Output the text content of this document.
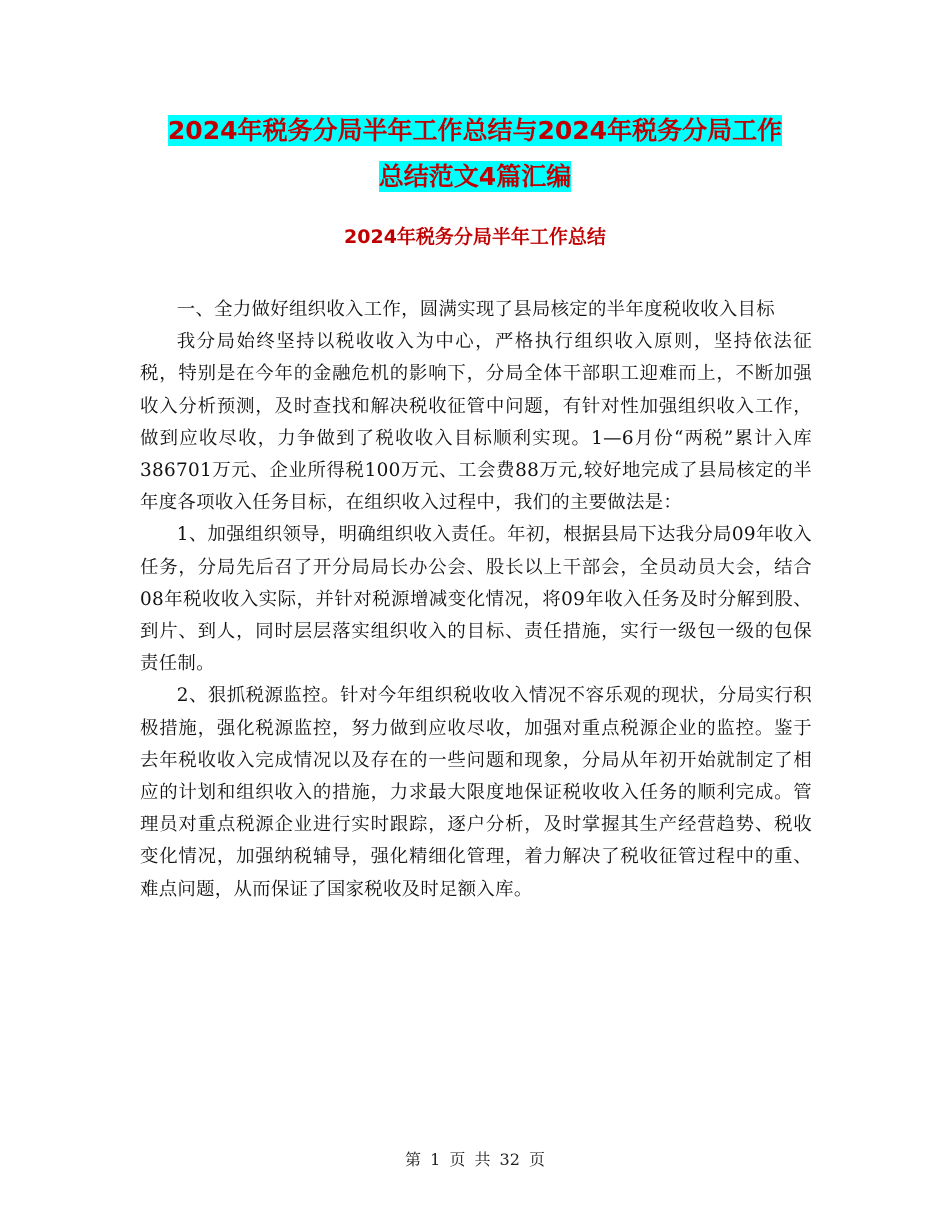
2024年税务分局半年工作总结与2024年税务分局工作
总结范文4篇汇编
2024年税务分局半年工作总结

一、全力做好组织收入工作，圆满实现了县局核定的半年度税收收入目标

我分局始终坚持以税收收入为中心，严格执行组织收入原则，坚持依法征税，特别是在今年的金融危机的影响下，分局全体干部职工迎难而上，不断加强收入分析预测，及时查找和解决税收征管中问题，有针对性加强组织收入工作，做到应收尽收，力争做到了税收收入目标顺利实现。1—6月份“两税”累计入库386701万元、企业所得税100万元、工会费88万元,较好地完成了县局核定的半年度各项收入任务目标，在组织收入过程中，我们的主要做法是：

1、加强组织领导，明确组织收入责任。年初，根据县局下达我分局09年收入任务，分局先后召了开分局局长办公会、股长以上干部会，全员动员大会，结合08年税收收入实际，并针对税源增减变化情况，将09年收入任务及时分解到股、到片、到人，同时层层落实组织收入的目标、责任措施，实行一级包一级的包保责任制。

2、狠抓税源监控。针对今年组织税收收入情况不容乐观的现状，分局实行积极措施，强化税源监控，努力做到应收尽收，加强对重点税源企业的监控。鉴于去年税收收入完成情况以及存在的一些问题和现象，分局从年初开始就制定了相应的计划和组织收入的措施，力求最大限度地保证税收收入任务的顺利完成。管理员对重点税源企业进行实时跟踪，逐户分析，及时掌握其生产经营趋势、税收变化情况，加强纳税辅导，强化精细化管理，着力解决了税收征管过程中的重、难点问题，从而保证了国家税收及时足额入库。

第 1 页 共 32 页
